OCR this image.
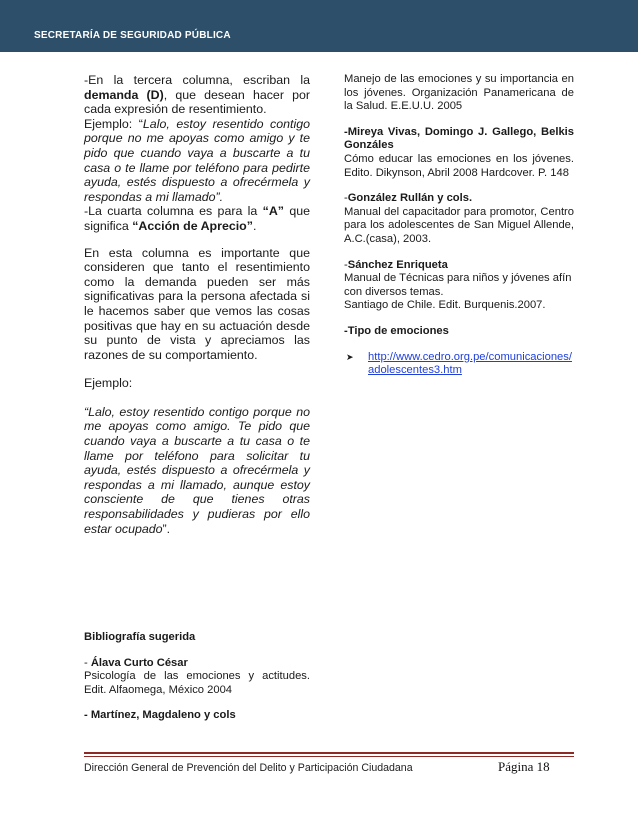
SECRETARÍA DE SEGURIDAD PÚBLICA

-En la tercera columna, escriban la demanda (D), que desean hacer por cada expresión de resentimiento.

Ejemplo: “Lalo, estoy resentido contigo porque no me apoyas como amigo y te pido que cuando vaya a buscarte a tu casa o te llame por teléfono para pedirte ayuda, estés dispuesto a ofrecérmela y respondas a mi llamado”.

-La cuarta columna es para la “A” que significa “Acción de Aprecio”.

En esta columna es importante que consideren que tanto el resentimiento como la demanda pueden ser más significativas para la persona afectada si le hacemos saber que vemos las cosas positivas que hay en su actuación desde su punto de vista y apreciamos las razones de su comportamiento.

Ejemplo:

“Lalo, estoy resentido contigo porque no me apoyas como amigo. Te pido que cuando vaya a buscarte a tu casa o te llame por teléfono para solicitar tu ayuda, estés dispuesto a ofrecérmela y respondas a mi llamado, aunque estoy consciente de que tienes otras responsabilidades y pudieras por ello estar ocupado”.

Bibliografía sugerida

- Álava Curto César

Psicología de las emociones y actitudes. Edit. Alfaomega, México 2004

- Martínez, Magdaleno y cols

Manejo de las emociones y su importancia en los jóvenes. Organización Panamericana de la Salud. E.E.U.U. 2005

-Mireya Vivas, Domingo J. Gallego, Belkis Gonzáles

Cómo educar las emociones en los jóvenes. Edito. Dikynson, Abril 2008 Hardcover. P. 148

-González Rullán y cols.

Manual del capacitador para promotor, Centro para los adolescentes de San Miguel Allende, A.C.(casa), 2003.

-Sánchez Enriqueta

Manual de Técnicas para niños y jóvenes afín con diversos temas.

Santiago de Chile. Edit. Burquenis.2007.

-Tipo de emociones

➤	http://www.cedro.org.pe/comunicaciones/adolescentes3.htm
Dirección General de Prevención del Delito y Participación Ciudadana	Página 18
